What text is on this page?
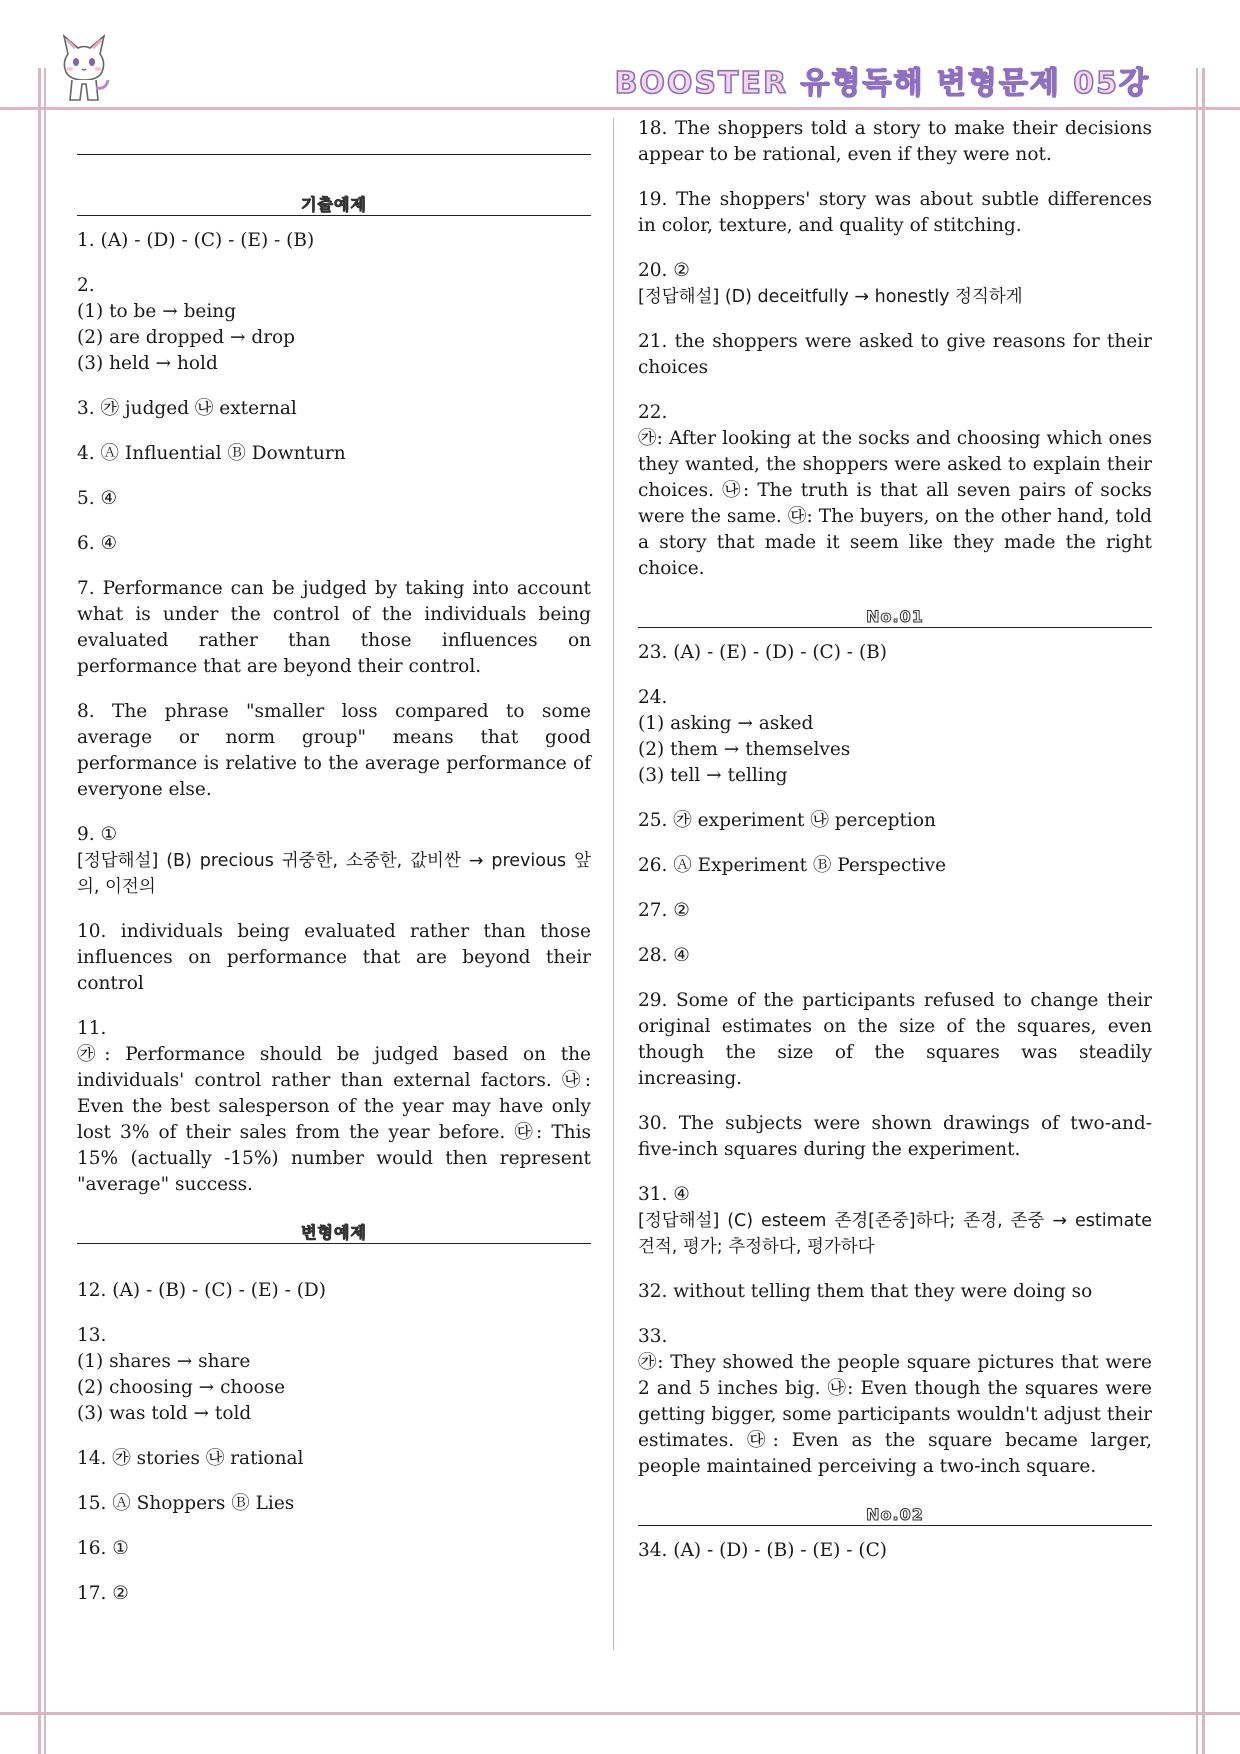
BOOSTER 유형독해 변형문제 05강
기출예제
1. (A) - (D) - (C) - (E) - (B)
2.
(1) to be → being
(2) are dropped → drop
(3) held → hold
3. ㉮ judged ㉯ external
4. Ⓐ Influential Ⓑ Downturn
5. ④
6. ④
7. Performance can be judged by taking into account what is under the control of the individuals being evaluated rather than those influences on performance that are beyond their control.
8. The phrase "smaller loss compared to some average or norm group" means that good performance is relative to the average performance of everyone else.
9. ①
[정답해설] (B) precious 귀중한, 소중한, 값비싼 → previous 앞의, 이전의
10. individuals being evaluated rather than those influences on performance that are beyond their control
11.
㉮: Performance should be judged based on the individuals' control rather than external factors. ㉯: Even the best salesperson of the year may have only lost 3% of their sales from the year before. ㉰: This 15% (actually -15%) number would then represent "average" success.
변형예제
12. (A) - (B) - (C) - (E) - (D)
13.
(1) shares → share
(2) choosing → choose
(3) was told → told
14. ㉮ stories ㉯ rational
15. Ⓐ Shoppers Ⓑ Lies
16. ①
17. ②
18. The shoppers told a story to make their decisions appear to be rational, even if they were not.
19. The shoppers' story was about subtle differences in color, texture, and quality of stitching.
20. ②
[정답해설] (D) deceitfully → honestly 정직하게
21. the shoppers were asked to give reasons for their choices
22.
㉮: After looking at the socks and choosing which ones they wanted, the shoppers were asked to explain their choices. ㉯: The truth is that all seven pairs of socks were the same. ㉰: The buyers, on the other hand, told a story that made it seem like they made the right choice.
No.01
23. (A) - (E) - (D) - (C) - (B)
24.
(1) asking → asked
(2) them → themselves
(3) tell → telling
25. ㉮ experiment ㉯ perception
26. Ⓐ Experiment Ⓑ Perspective
27. ②
28. ④
29. Some of the participants refused to change their original estimates on the size of the squares, even though the size of the squares was steadily increasing.
30. The subjects were shown drawings of two-and-five-inch squares during the experiment.
31. ④
[정답해설] (C) esteem 존경[존중]하다; 존경, 존중 → estimate 견적, 평가; 추정하다, 평가하다
32. without telling them that they were doing so
33.
㉮: They showed the people square pictures that were 2 and 5 inches big. ㉯: Even though the squares were getting bigger, some participants wouldn't adjust their estimates. ㉰: Even as the square became larger, people maintained perceiving a two-inch square.
No.02
34. (A) - (D) - (B) - (E) - (C)
